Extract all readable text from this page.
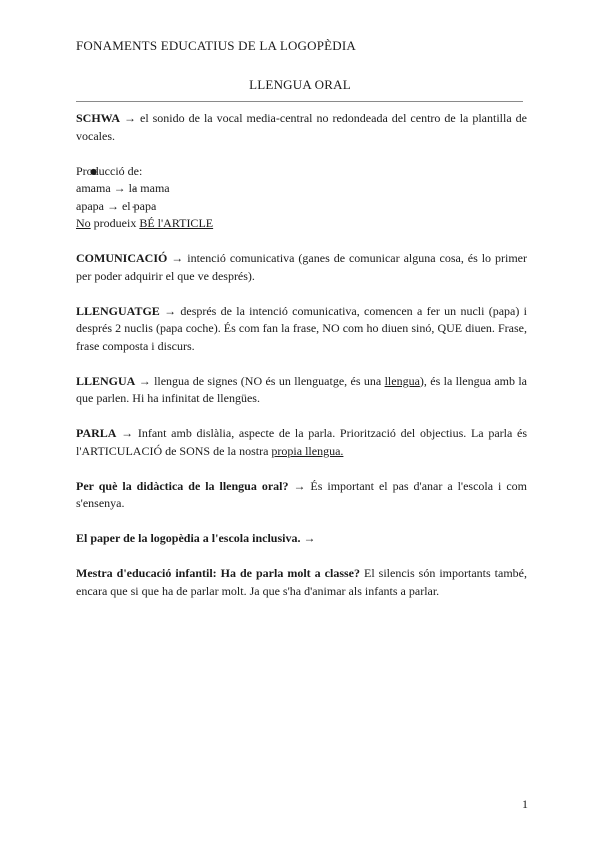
FONAMENTS EDUCATIUS DE LA LOGOPÈDIA
LLENGUA ORAL

SCHWA → el sonido de la vocal media-central no redondeada del centro de la plantilla de vocales.

● Producció de:
- amama → la mama
- apapa → el papa
- No produeix BÉ l'ARTICLE

COMUNICACIÓ → intenció comunicativa (ganes de comunicar alguna cosa, és lo primer per poder adquirir el que ve després).

LLENGUATGE → després de la intenció comunicativa, comencen a fer un nucli (papa) i després 2 nuclis (papa coche). És com fan la frase, NO com ho diuen sinó, QUE diuen. Frase, frase composta i discurs.

LLENGUA → llengua de signes (NO és un llenguatge, és una llengua), és la llengua amb la que parlen. Hi ha infinitat de llengües.

PARLA → Infant amb dislàlia, aspecte de la parla. Priorització del objectius. La parla és l'ARTICULACIÓ de SONS de la nostra propia llengua.

Per què la didàctica de la llengua oral? → És important el pas d'anar a l'escola i com s'ensenya.

El paper de la logopèdia a l'escola inclusiva. →

Mestra d'educació infantil: Ha de parla molt a classe? El silencis són importants també, encara que si que ha de parlar molt. Ja que s'ha d'animar als infants a parlar.

1
